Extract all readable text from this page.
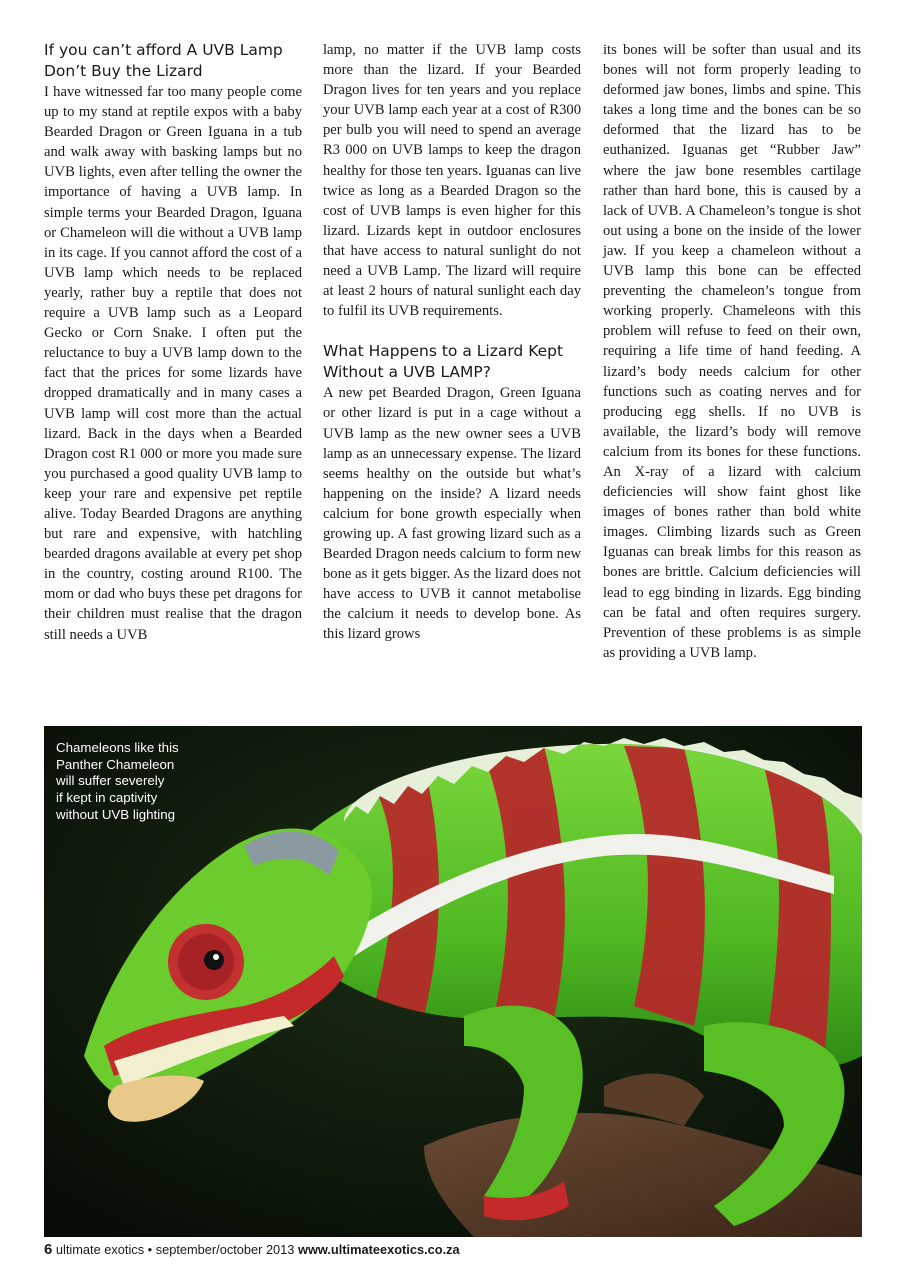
If you can’t afford A UVB Lamp
Don’t Buy the Lizard

I have witnessed far too many people come up to my stand at reptile expos with a baby Bearded Dragon or Green Iguana in a tub and walk away with basking lamps but no UVB lights, even after telling the owner the importance of having a UVB lamp. In simple terms your Bearded Dragon, Iguana or Chameleon will die without a UVB lamp in its cage. If you cannot afford the cost of a UVB lamp which needs to be replaced yearly, rather buy a reptile that does not require a UVB lamp such as a Leopard Gecko or Corn Snake. I often put the reluctance to buy a UVB lamp down to the fact that the prices for some lizards have dropped dramatically and in many cases a UVB lamp will cost more than the actual lizard. Back in the days when a Bearded Dragon cost R1 000 or more you made sure you purchased a good quality UVB lamp to keep your rare and expensive pet reptile alive. Today Bearded Dragons are anything but rare and expensive, with hatchling bearded dragons available at every pet shop in the country, costing around R100. The mom or dad who buys these pet dragons for their children must realise that the dragon still needs a UVB

lamp, no matter if the UVB lamp costs more than the lizard. If your Bearded Dragon lives for ten years and you replace your UVB lamp each year at a cost of R300 per bulb you will need to spend an average R3 000 on UVB lamps to keep the dragon healthy for those ten years. Iguanas can live twice as long as a Bearded Dragon so the cost of UVB lamps is even higher for this lizard. Lizards kept in outdoor enclosures that have access to natural sunlight do not need a UVB Lamp. The lizard will require at least 2 hours of natural sunlight each day to fulfil its UVB requirements.

What Happens to a Lizard Kept
Without a UVB LAMP?

A new pet Bearded Dragon, Green Iguana or other lizard is put in a cage without a UVB lamp as the new owner sees a UVB lamp as an unnecessary expense. The lizard seems healthy on the outside but what’s happening on the inside? A lizard needs calcium for bone growth especially when growing up. A fast growing lizard such as a Bearded Dragon needs calcium to form new bone as it gets bigger. As the lizard does not have access to UVB it cannot metabolise the calcium it needs to develop bone. As this lizard grows

its bones will be softer than usual and its bones will not form properly leading to deformed jaw bones, limbs and spine. This takes a long time and the bones can be so deformed that the lizard has to be euthanized. Iguanas get “Rubber Jaw” where the jaw bone resembles cartilage rather than hard bone, this is caused by a lack of UVB. A Chameleon’s tongue is shot out using a bone on the inside of the lower jaw. If you keep a chameleon without a UVB lamp this bone can be effected preventing the chameleon’s tongue from working properly. Chameleons with this problem will refuse to feed on their own, requiring a life time of hand feeding. A lizard’s body needs calcium for other functions such as coating nerves and for producing egg shells. If no UVB is available, the lizard’s body will remove calcium from its bones for these functions. An X-ray of a lizard with calcium deficiencies will show faint ghost like images of bones rather than bold white images. Climbing lizards such as Green Iguanas can break limbs for this reason as bones are brittle. Calcium deficiencies will lead to egg binding in lizards. Egg binding can be fatal and often requires surgery. Prevention of these problems is as simple as providing a UVB lamp.

Chameleons like this
Panther Chameleon
will suffer severely
if kept in captivity
without UVB lighting
6 ultimate exotics • september/october 2013 www.ultimateexotics.co.za
